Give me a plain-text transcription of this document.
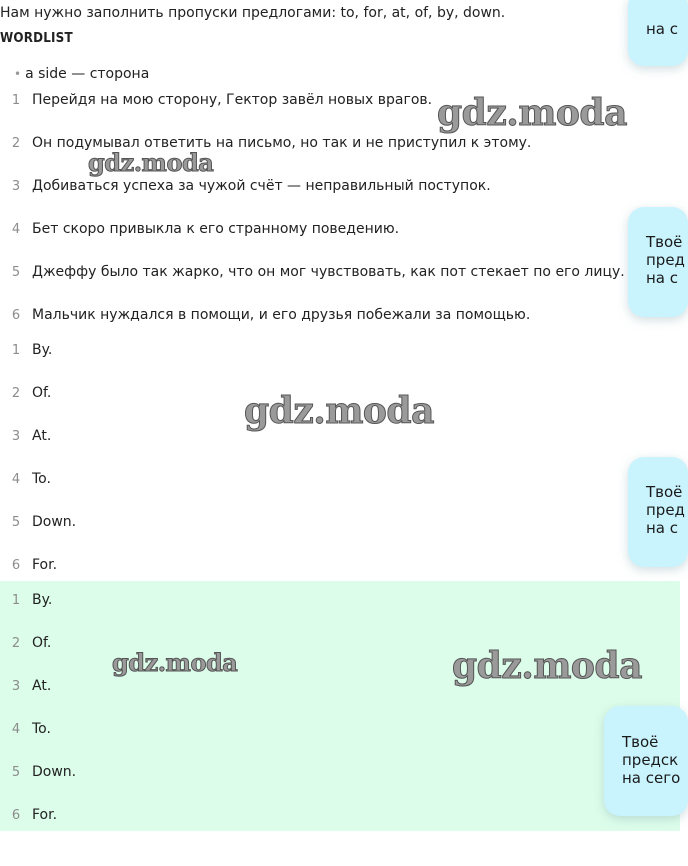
Нам нужно заполнить пропуски предлогами: to, for, at, of, by, down.
WORDLIST
• a side — сторона
1 Перейдя на мою сторону, Гектор завёл новых врагов.
2 Он подумывал ответить на письмо, но так и не приступил к этому.
3 Добиваться успеха за чужой счёт — неправильный поступок.
4 Бет скоро привыкла к его странному поведению.
5 Джеффу было так жарко, что он мог чувствовать, как пот стекает по его лицу.
6 Мальчик нуждался в помощи, и его друзья побежали за помощью.
1 By.
2 Of.
3 At.
4 To.
5 Down.
6 For.
1 By.
2 Of.
3 At.
4 To.
5 Down.
6 For.
gdz.moda
gdz.moda
gdz.moda
gdz.moda	gdz.moda
на с
Твоё
пред
на с
Твоё
пред
на с
Твоё
предск
на сего
